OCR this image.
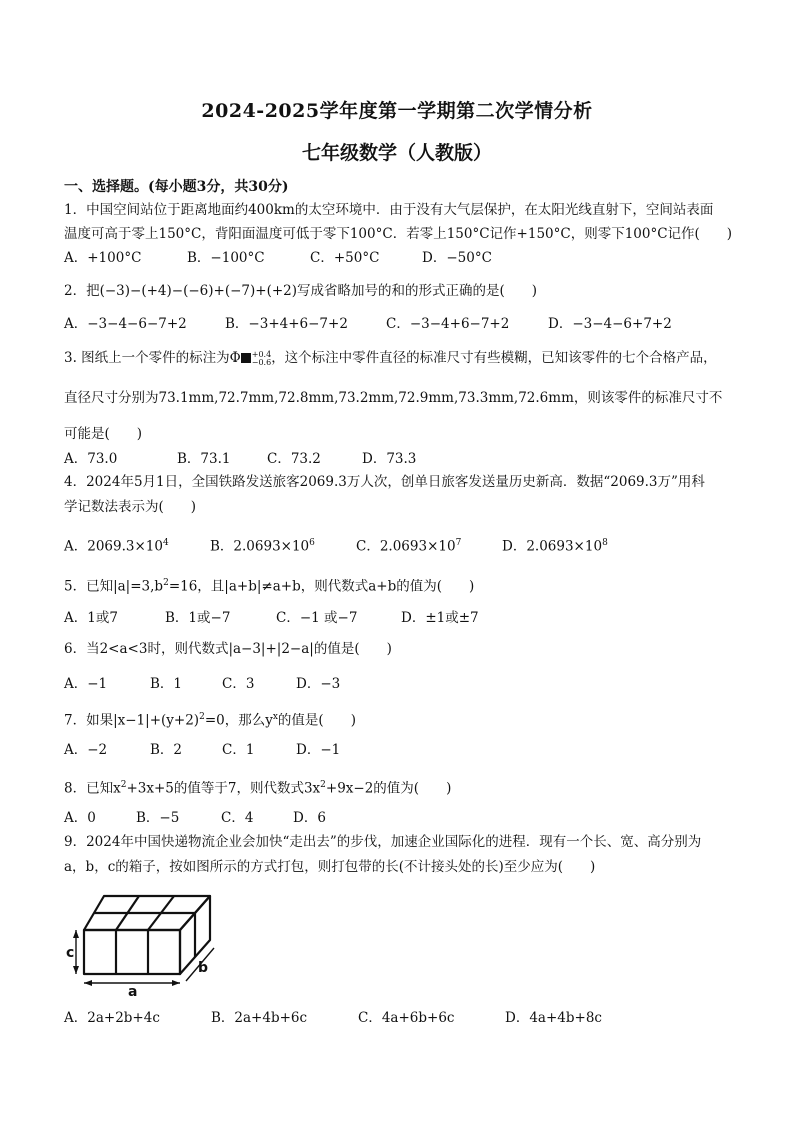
2024-2025学年度第一学期第二次学情分析
七年级数学（人教版）
一、选择题。(每小题3分，共30分)
1．中国空间站位于距离地面约400km的太空环境中．由于没有大气层保护，在太阳光线直射下，空间站表面
温度可高于零上150°C，背阳面温度可低于零下100°C．若零上150°C记作+150°C，则零下100°C记作(　　)
A．+100°C	B．−100°C	C．+50°C	D．−50°C
2．把(−3)−(+4)−(−6)+(−7)+(+2)写成省略加号的和的形式正确的是(　　)
A．−3−4−6−7+2	B．−3+4+6−7+2	C．−3−4+6−7+2	D．−3−4−6+7+2
3. 图纸上一个零件的标注为Φ +0.4
−0.6 ，这个标注中零件直径的标准尺寸有些模糊，已知该零件的七个合格产品，
直径尺寸分别为73.1mm,72.7mm,72.8mm,73.2mm,72.9mm,73.3mm,72.6mm，则该零件的标准尺寸不
可能是(　　)
A．73.0	B．73.1	C．73.2	D．73.3
4．2024年5月1日，全国铁路发送旅客2069.3万人次，创单日旅客发送量历史新高．数据“2069.3万”用科
学记数法表示为(　　)
A．$2069.3\times 10^4$	B．$2.0693\times 10^6$	C．$2.0693\times 10^7$	D．$2.0693\times 10^8$
5．已知$|a|=3,b^2=16$，且|a+b|≠a+b，则代数式a+b的值为(　　)
A．1或7	B．1或−7	C．−1 或−7	D．±1或±7
6．当2<a<3时，则代数式|a−3|+|2−a|的值是(　　)
A．−1	B．1	C．3	D．−3
7．如果$|x-1|+(y+2)^2=0$，那么$y^x$的值是(　　)
A．−2	B．2	C．1	D．−1
8．已知$x^2+3x+5$的值等于7，则代数式$3x^2+9x-2$的值为(　　)
A．0	B．−5	C．4	D．6
9．2024年中国快递物流企业会加快“走出去”的步伐，加速企业国际化的进程．现有一个长、宽、高分别为
a，b，c的箱子，按如图所示的方式打包，则打包带的长(不计接头处的长)至少应为(　　)
c
a
b
A．2a+2b+4c	B．2a+4b+6c	C．4a+6b+6c	D．4a+4b+8c
